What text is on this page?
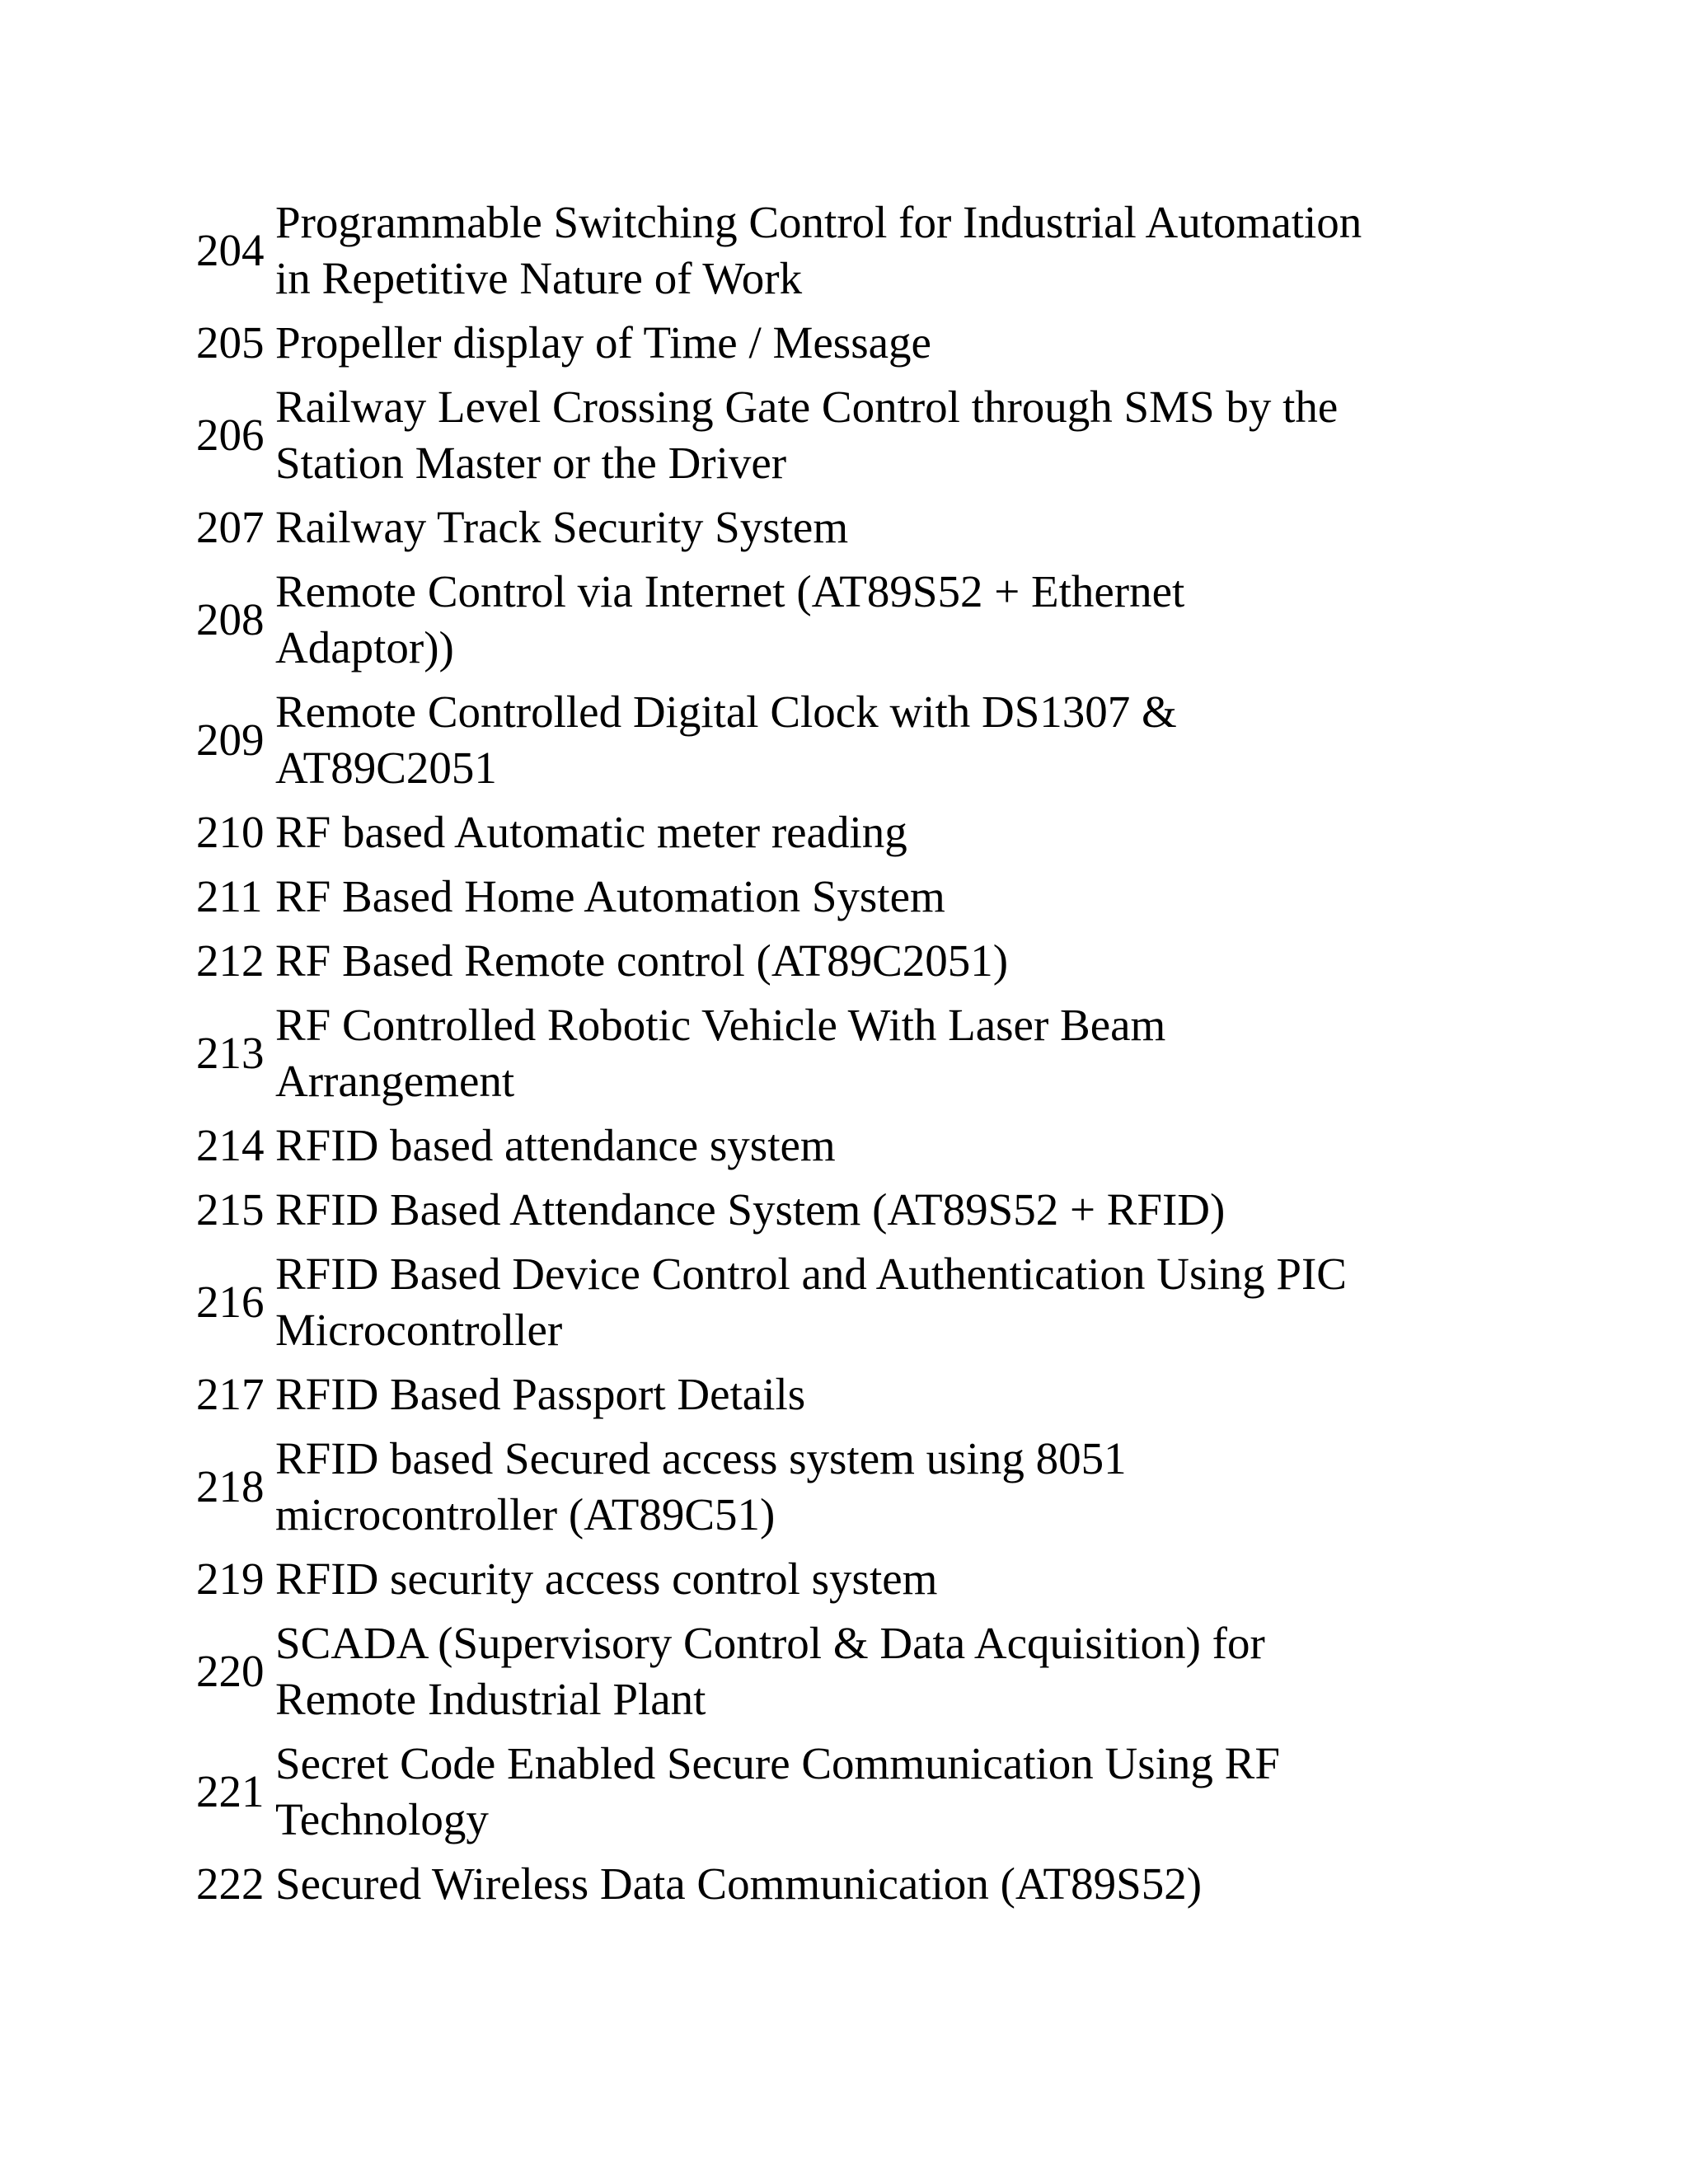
204
Programmable Switching Control for Industrial Automation
in Repetitive Nature of Work
205 Propeller display of Time / Message
206
Railway Level Crossing Gate Control through SMS by the
Station Master or the Driver
207 Railway Track Security System
208
Remote Control via Internet (AT89S52 + Ethernet
Adaptor))
209
Remote Controlled Digital Clock with DS1307 &
AT89C2051
210 RF based Automatic meter reading
211 RF Based Home Automation System
212 RF Based Remote control (AT89C2051)
213
RF Controlled Robotic Vehicle With Laser Beam
Arrangement
214 RFID based attendance system
215 RFID Based Attendance System (AT89S52 + RFID)
216
RFID Based Device Control and Authentication Using PIC
Microcontroller
217 RFID Based Passport Details
218
RFID based Secured access system using 8051
microcontroller (AT89C51)
219 RFID security access control system
220
SCADA (Supervisory Control & Data Acquisition) for
Remote Industrial Plant
221
Secret Code Enabled Secure Communication Using RF
Technology
222 Secured Wireless Data Communication (AT89S52)
